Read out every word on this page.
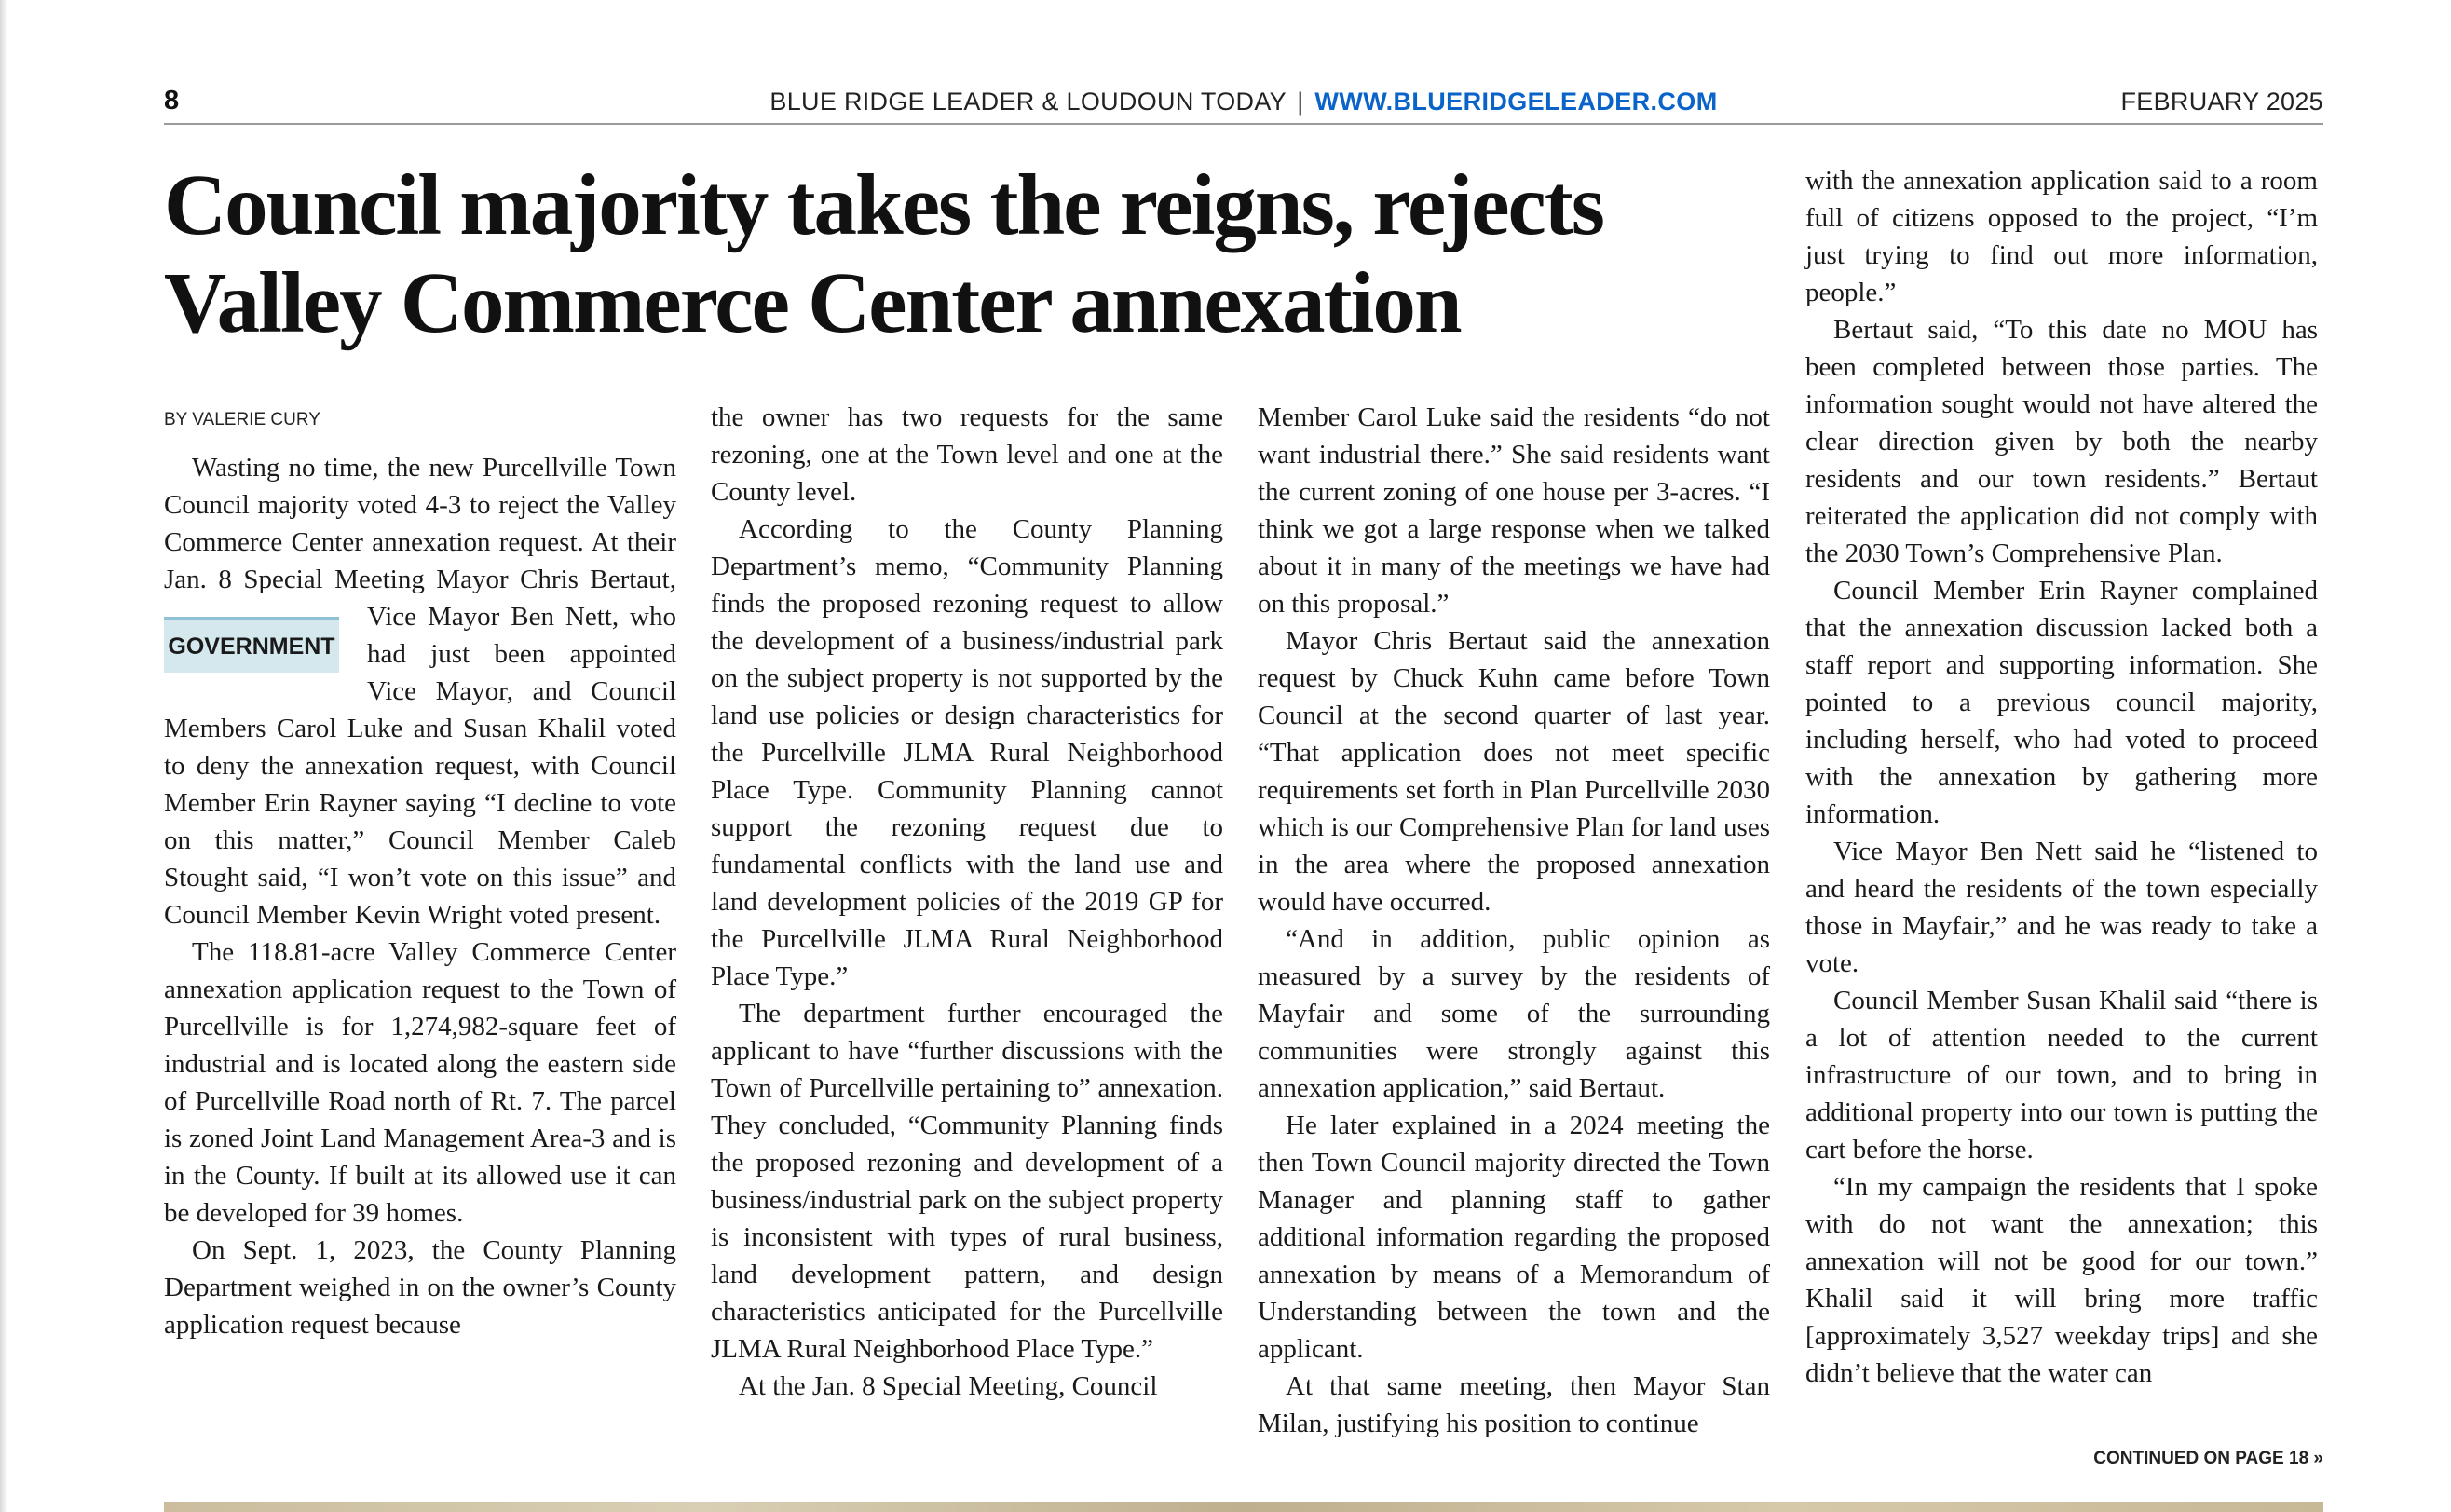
8	BLUE RIDGE LEADER & LOUDOUN TODAY | WWW.BLUERIDGELEADER.COM	FEBRUARY 2025
Council majority takes the reigns, rejects
Valley Commerce Center annexation
BY VALERIE CURY

Wasting no time, the new Purcellville Town Council majority voted 4-3 to reject the Valley Commerce Center annexation request. At their Jan. 8 Special Meeting Mayor Chris Bertaut, Vice Mayor Ben
GOVERNMENT
Nett, who had just been appointed Vice Mayor, and Council Members Carol Luke and Susan Khalil voted to deny the annexation request, with Council Member Erin Rayner saying “I decline to vote on this matter,” Council Member Caleb Stought said, “I won’t vote on this issue” and Council Member Kevin Wright voted present.

The 118.81-acre Valley Commerce Center annexation application request to the Town of Purcellville is for 1,274,982-square feet of industrial and is located along the eastern side of Purcellville Road north of Rt. 7. The parcel is zoned Joint Land Management Area-3 and is in the County. If built at its allowed use it can be developed for 39 homes.

On Sept. 1, 2023, the County Planning Department weighed in on the owner’s County application request because

the owner has two requests for the same rezoning, one at the Town level and one at the County level.

According to the County Planning Department’s memo, “Community Planning finds the proposed rezoning request to allow the development of a business/industrial park on the subject property is not supported by the land use policies or design characteristics for the Purcellville JLMA Rural Neighborhood Place Type. Community Planning cannot support the rezoning request due to fundamental conflicts with the land use and land development policies of the 2019 GP for the Purcellville JLMA Rural Neighborhood Place Type.”

The department further encouraged the applicant to have “further discussions with the Town of Purcellville pertaining to” annexation. They concluded, “Community Planning finds the proposed rezoning and development of a business/industrial park on the subject property is inconsistent with types of rural business, land development pattern, and design characteristics anticipated for the Purcellville JLMA Rural Neighborhood Place Type.”

At the Jan. 8 Special Meeting, Council

Member Carol Luke said the residents “do not want industrial there.” She said residents want the current zoning of one house per 3-acres. “I think we got a large response when we talked about it in many of the meetings we have had on this proposal.”

Mayor Chris Bertaut said the annexation request by Chuck Kuhn came before Town Council at the second quarter of last year. “That application does not meet specific requirements set forth in Plan Purcellville 2030 which is our Comprehensive Plan for land uses in the area where the proposed annexation would have occurred.

“And in addition, public opinion as measured by a survey by the residents of Mayfair and some of the surrounding communities were strongly against this annexation application,” said Bertaut.

He later explained in a 2024 meeting the then Town Council majority directed the Town Manager and planning staff to gather additional information regarding the proposed annexation by means of a Memorandum of Understanding between the town and the applicant.

At that same meeting, then Mayor Stan Milan, justifying his position to continue

with the annexation application said to a room full of citizens opposed to the project, “I’m just trying to find out more information, people.”

Bertaut said, “To this date no MOU has been completed between those parties. The information sought would not have altered the clear direction given by both the nearby residents and our town residents.” Bertaut reiterated the application did not comply with the 2030 Town’s Comprehensive Plan.

Council Member Erin Rayner complained that the annexation discussion lacked both a staff report and supporting information. She pointed to a previous council majority, including herself, who had voted to proceed with the annexation by gathering more information.

Vice Mayor Ben Nett said he “listened to and heard the residents of the town especially those in Mayfair,” and he was ready to take a vote.

Council Member Susan Khalil said “there is a lot of attention needed to the current infrastructure of our town, and to bring in additional property into our town is putting the cart before the horse.

“In my campaign the residents that I spoke with do not want the annexation; this annexation will not be good for our town.” Khalil said it will bring more traffic [approximately 3,527 weekday trips] and she didn’t believe that the water can

CONTINUED ON PAGE 18 »
